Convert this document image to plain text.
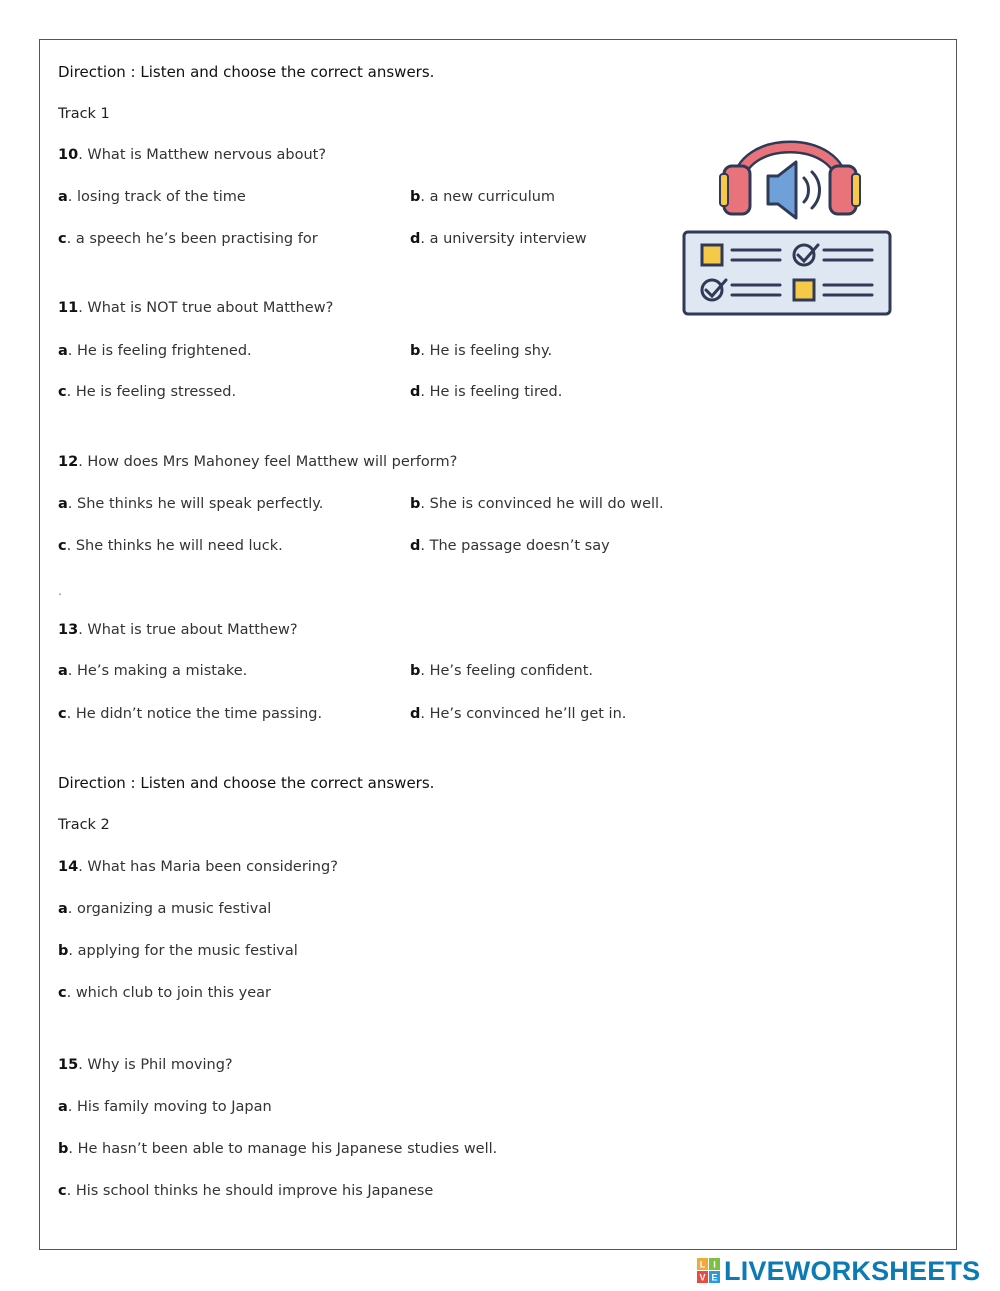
Direction : Listen and choose the correct answers.
Track 1
10. What is Matthew nervous about?
a. losing track of the time	b. a new curriculum
c. a speech he’s been practising for	d. a university interview
11. What is NOT true about Matthew?
a. He is feeling frightened.	b. He is feeling shy.
c. He is feeling stressed.	d. He is feeling tired.
12. How does Mrs Mahoney feel Matthew will perform?
a. She thinks he will speak perfectly.	b. She is convinced he will do well.
c. She thinks he will need luck.	d. The passage doesn’t say
.
13. What is true about Matthew?
a. He’s making a mistake.	b. He’s feeling confident.
c. He didn’t notice the time passing.	d. He’s convinced he’ll get in.
Direction : Listen and choose the correct answers.
Track 2
14. What has Maria been considering?
a. organizing a music festival
b. applying for the music festival
c. which club to join this year
15. Why is Phil moving?
a. His family moving to Japan
b. He hasn’t been able to manage his Japanese studies well.
c. His school thinks he should improve his Japanese
L I
V E LIVEWORKSHEETS
